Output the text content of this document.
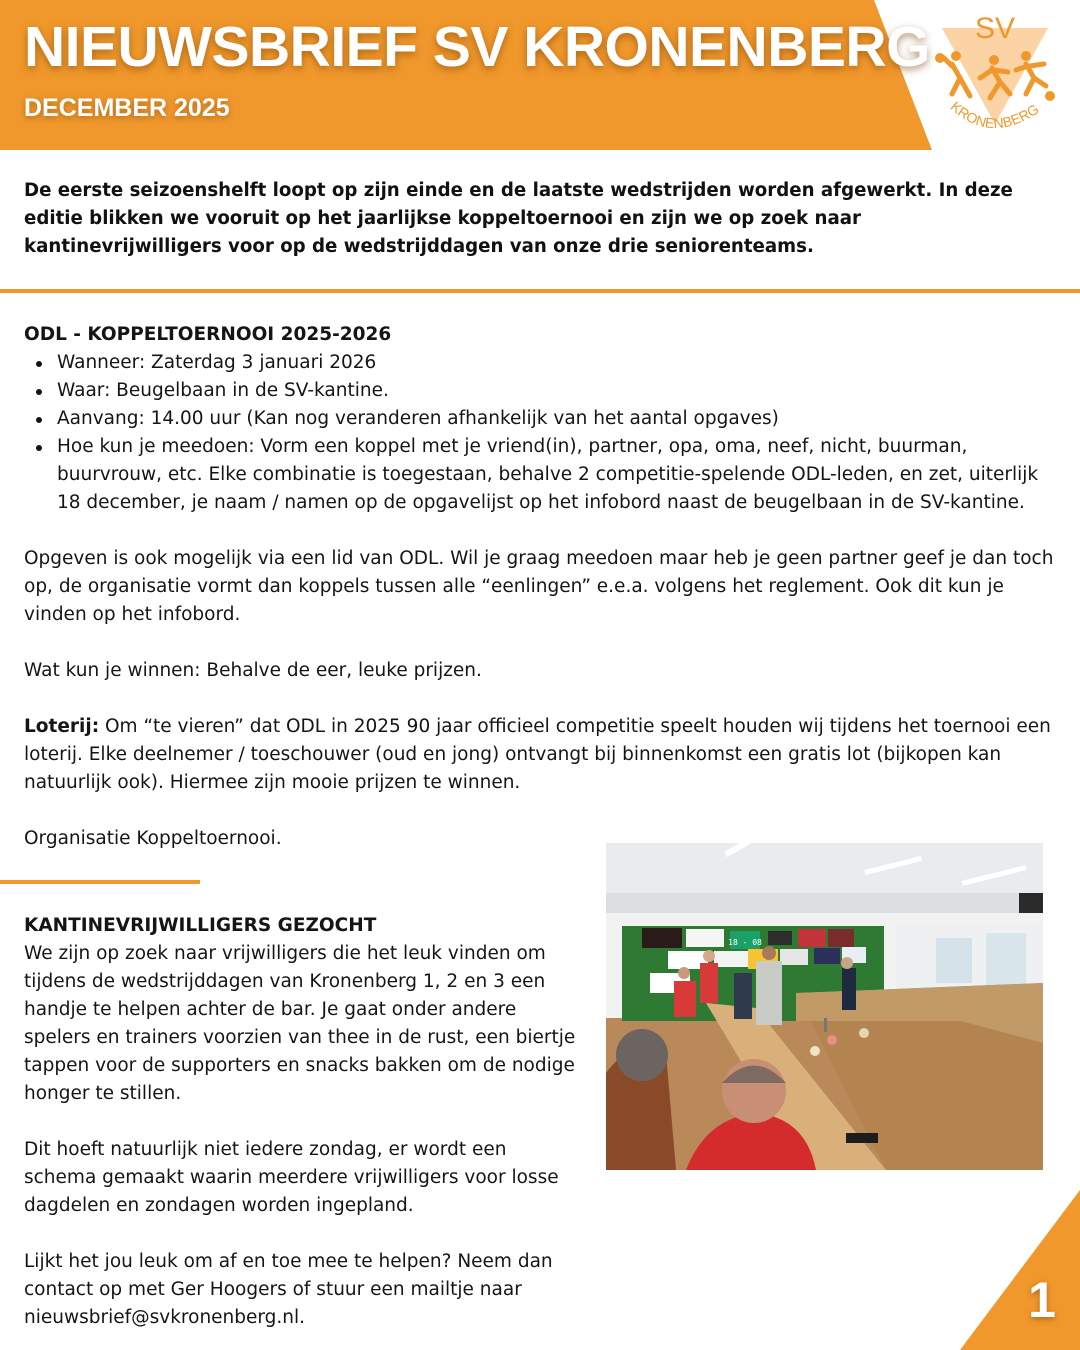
NIEUWSBRIEF SV KRONENBERG
DECEMBER 2025
SV
KRONENBERG

De eerste seizoenshelft loopt op zijn einde en de laatste wedstrijden worden afgewerkt. In deze editie blikken we vooruit op het jaarlijkse koppeltoernooi en zijn we op zoek naar kantinevrijwilligers voor op de wedstrijddagen van onze drie seniorenteams.

ODL - KOPPELTOERNOOI 2025-2026
Wanneer: Zaterdag 3 januari 2026
Waar: Beugelbaan in de SV-kantine.
Aanvang: 14.00 uur (Kan nog veranderen afhankelijk van het aantal opgaves)
Hoe kun je meedoen: Vorm een koppel met je vriend(in), partner, opa, oma, neef, nicht, buurman, buurvrouw, etc. Elke combinatie is toegestaan, behalve 2 competitie-spelende ODL-leden, en zet, uiterlijk 18 december, je naam / namen op de opgavelijst op het infobord naast de beugelbaan in de SV-kantine.

Opgeven is ook mogelijk via een lid van ODL. Wil je graag meedoen maar heb je geen partner geef je dan toch op, de organisatie vormt dan koppels tussen alle “eenlingen” e.e.a. volgens het reglement. Ook dit kun je vinden op het infobord.

Wat kun je winnen: Behalve de eer, leuke prijzen.

Loterij: Om “te vieren” dat ODL in 2025 90 jaar officieel competitie speelt houden wij tijdens het toernooi een loterij. Elke deelnemer / toeschouwer (oud en jong) ontvangt bij binnenkomst een gratis lot (bijkopen kan natuurlijk ook). Hiermee zijn mooie prijzen te winnen.

Organisatie Koppeltoernooi.

KANTINEVRIJWILLIGERS GEZOCHT

We zijn op zoek naar vrijwilligers die het leuk vinden om tijdens de wedstrijddagen van Kronenberg 1, 2 en 3 een handje te helpen achter de bar. Je gaat onder andere spelers en trainers voorzien van thee in de rust, een biertje tappen voor de supporters en snacks bakken om de nodige honger te stillen.

Dit hoeft natuurlijk niet iedere zondag, er wordt een schema gemaakt waarin meerdere vrijwilligers voor losse dagdelen en zondagen worden ingepland.

Lijkt het jou leuk om af en toe mee te helpen? Neem dan contact op met Ger Hoogers of stuur een mailtje naar nieuwsbrief@svkronenberg.nl.

18 - 08
1
